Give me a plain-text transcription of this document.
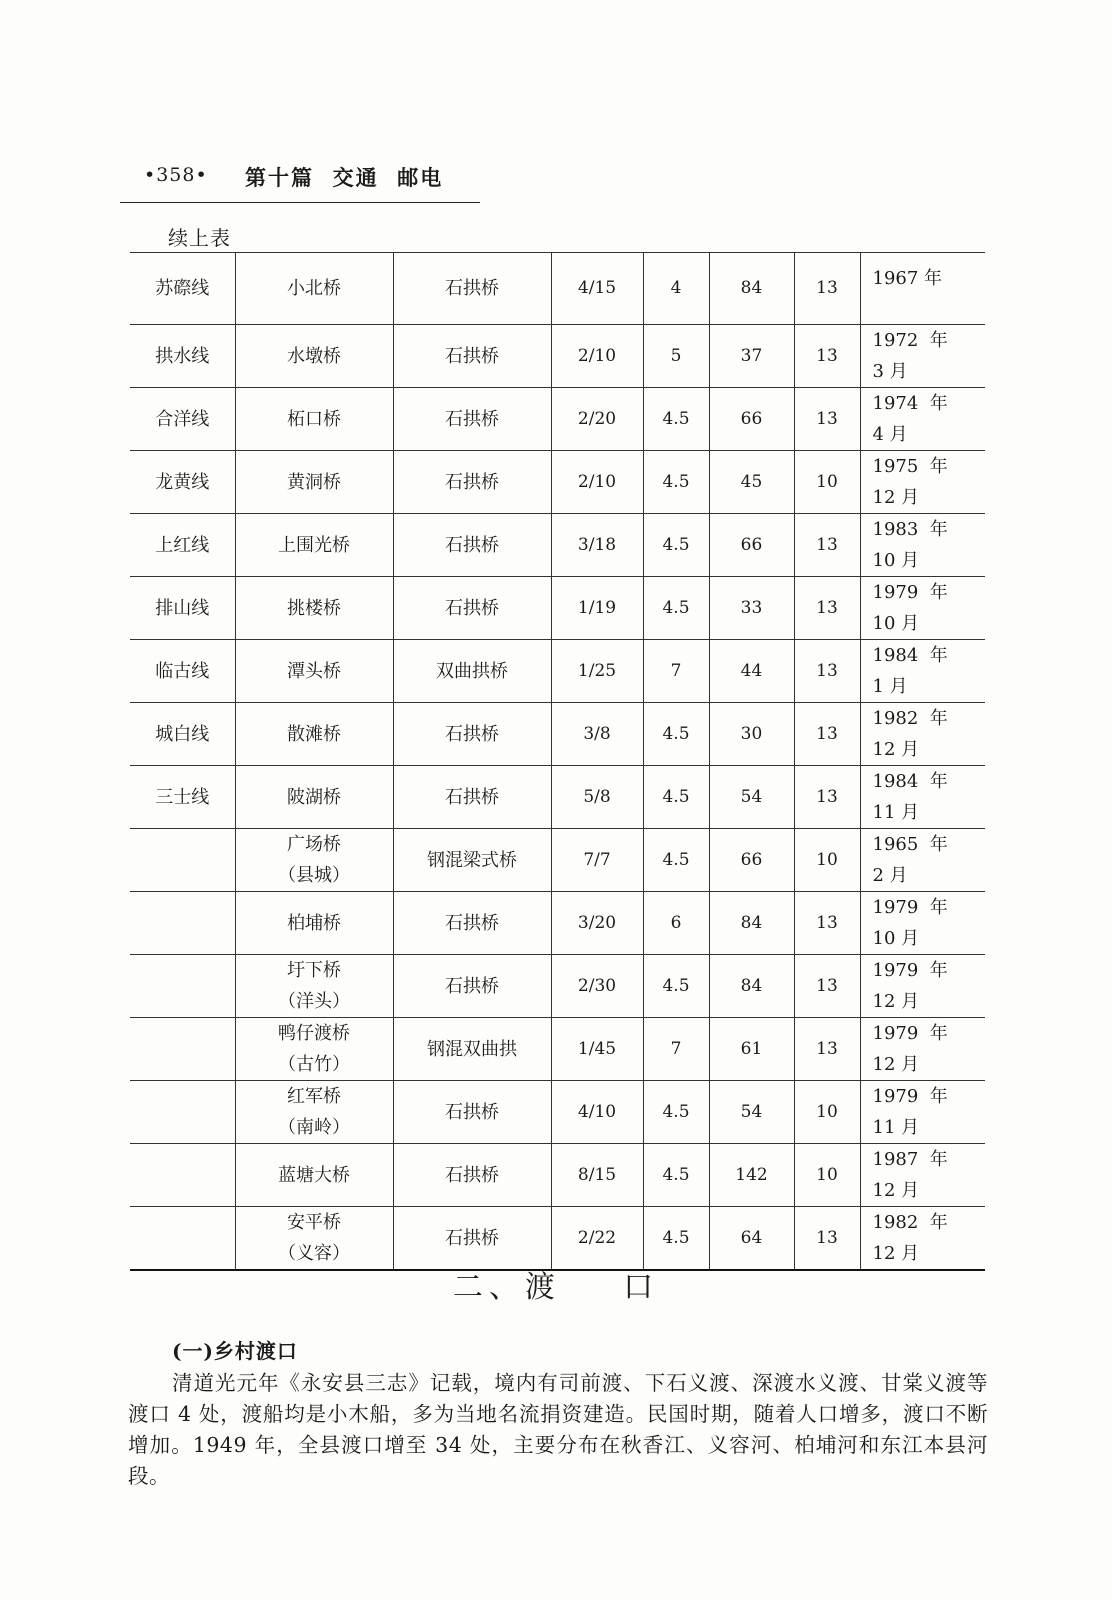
•358• 第十篇  交通  邮电
续上表
苏磜线	小北桥	石拱桥	4/15	4	84	13	1967 年
拱水线	水墩桥	石拱桥	2/10	5	37	13	1972  年
3 月
合洋线	柘口桥	石拱桥	2/20	4.5	66	13	1974  年
4 月
龙黄线	黄洞桥	石拱桥	2/10	4.5	45	10	1975  年
12 月
上红线	上围光桥	石拱桥	3/18	4.5	66	13	1983  年
10 月
排山线	挑楼桥	石拱桥	1/19	4.5	33	13	1979  年
10 月
临古线	潭头桥	双曲拱桥	1/25	7	44	13	1984  年
1 月
城白线	散滩桥	石拱桥	3/8	4.5	30	13	1982  年
12 月
三士线	陂湖桥	石拱桥	5/8	4.5	54	13	1984  年
11 月
	广场桥
（县城）	钢混梁式桥	7/7	4.5	66	10	1965  年
2 月
	柏埔桥	石拱桥	3/20	6	84	13	1979  年
10 月
	圩下桥
（洋头）	石拱桥	2/30	4.5	84	13	1979  年
12 月
	鸭仔渡桥
（古竹）	钢混双曲拱	1/45	7	61	13	1979  年
12 月
	红军桥
（南岭）	石拱桥	4/10	4.5	54	10	1979  年
11 月
	蓝塘大桥	石拱桥	8/15	4.5	142	10	1987  年
12 月
	安平桥
（义容）	石拱桥	2/22	4.5	64	13	1982  年
12 月
二、渡    口
(一)乡村渡口
清道光元年《永安县三志》记载，境内有司前渡、下石义渡、深渡水义渡、甘棠义渡等渡口 4 处，渡船均是小木船，多为当地名流捐资建造。民国时期，随着人口增多，渡口不断增加。1949 年，全县渡口增至 34 处，主要分布在秋香江、义容河、柏埔河和东江本县河段。
